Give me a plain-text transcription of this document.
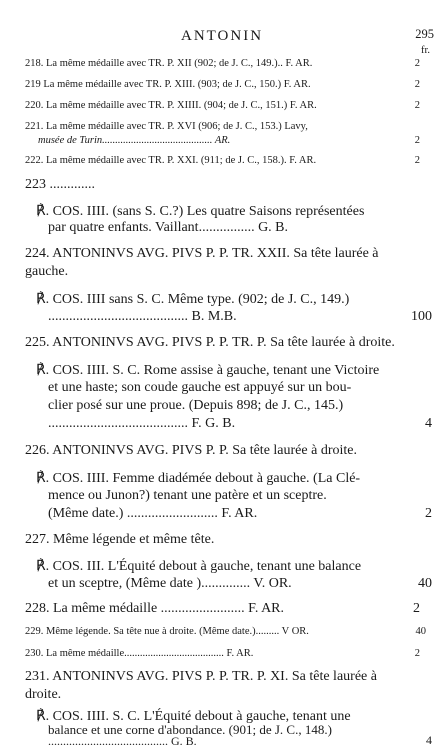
ANTONIN	295
fr.
218. La même médaille avec TR. P. XII (902; de J. C., 149.).. F. AR.	2
219 La même médaille avec TR. P. XIII. (903; de J. C., 150.) F. AR.	2
220. La même médaille avec TR. P. XIIII. (904; de J. C., 151.) F. AR.	2
221. La même médaille avec TR. P. XVI (906; de J. C., 153.) Lavy,
musée de Turin.......................................... AR.	2
222. La même médaille avec TR. P. XXI. (911; de J. C., 158.). F. AR.	2
223 .............
℟. COS. IIII. (sans S. C.?) Les quatre Saisons représentées
par quatre enfants. Vaillant................ G. B.
224. ANTONINVS AVG. PIVS P. P. TR. XXII. Sa tête laurée à
gauche.
℟. COS. IIII sans S. C. Même type. (902; de J. C., 149.)
........................................ B. M.B.	100
225. ANTONINVS AVG. PIVS P. P. TR. P. Sa tête laurée à droite.
℟. COS. IIII. S. C. Rome assise à gauche, tenant une Victoire
et une haste; son coude gauche est appuyé sur un bou-
clier posé sur une proue. (Depuis 898; de J. C., 145.)
........................................ F. G. B.	4
226. ANTONINVS AVG. PIVS P. P. Sa tête laurée à droite.
℟. COS. IIII. Femme diadémée debout à gauche. (La Clé-
mence ou Junon?) tenant une patère et un sceptre.
(Même date.) .......................... F. AR.	2
227. Même légende et même tête.
℟. COS. III. L'Équité debout à gauche, tenant une balance
et un sceptre, (Même date ).............. V. OR.	40
228. La même médaille ........................ F. AR.	2
229. Même légende. Sa tête nue à droite. (Même date.)......... V OR.	40
230. La même médaille...................................... F. AR.	2
231. ANTONINVS AVG. PIVS P. P. TR. P. XI. Sa tête laurée à
droite.
℟. COS. IIII. S. C. L'Équité debout à gauche, tenant une
balance et une corne d'abondance. (901; de J. C., 148.)
........................................ G. B.	4
